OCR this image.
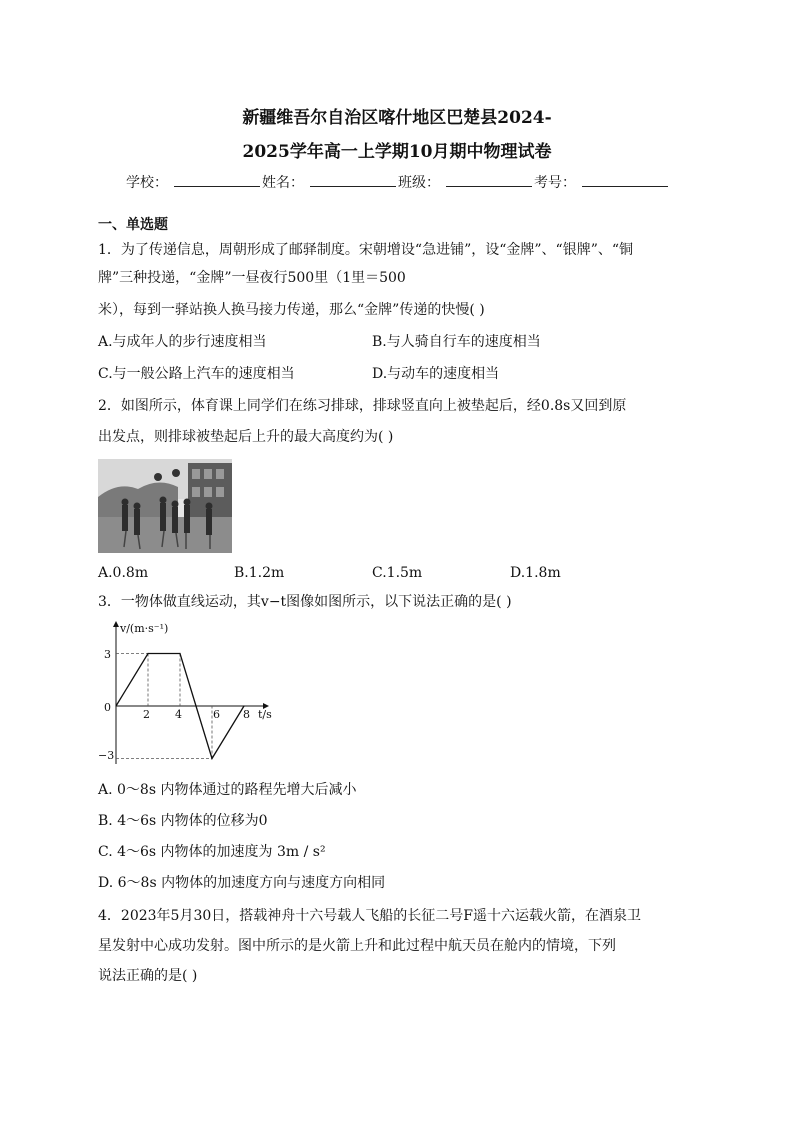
新疆维吾尔自治区喀什地区巴楚县2024-
2025学年高一上学期10月期中物理试卷
学校：	姓名：	班级：	考号：
一、单选题
1．为了传递信息，周朝形成了邮驿制度。宋朝增设“急进铺”，设“金牌”、“银牌”、“铜
牌”三种投递，“金牌”一昼夜行500里（1里＝500
米），每到一驿站换人换马接力传递，那么“金牌”传递的快慢( )
A.与成年人的步行速度相当	B.与人骑自行车的速度相当
C.与一般公路上汽车的速度相当	D.与动车的速度相当
2．如图所示，体育课上同学们在练习排球，排球竖直向上被垫起后，经0.8s又回到原
出发点，则排球被垫起后上升的最大高度约为( )
A.0.8m	B.1.2m	C.1.5m	D.1.8m
3．一物体做直线运动，其v−t图像如图所示，以下说法正确的是( )
v/(m·s⁻¹)
t/s
3
0
−3
2 4	6 8
A. 0～8s 内物体通过的路程先增大后减小
B. 4～6s 内物体的位移为0
C. 4～6s 内物体的加速度为 3m / s²
D. 6～8s 内物体的加速度方向与速度方向相同
4．2023年5月30日，搭载神舟十六号载人飞船的长征二号F遥十六运载火箭，在酒泉卫
星发射中心成功发射。图中所示的是火箭上升和此过程中航天员在舱内的情境，下列
说法正确的是( )
